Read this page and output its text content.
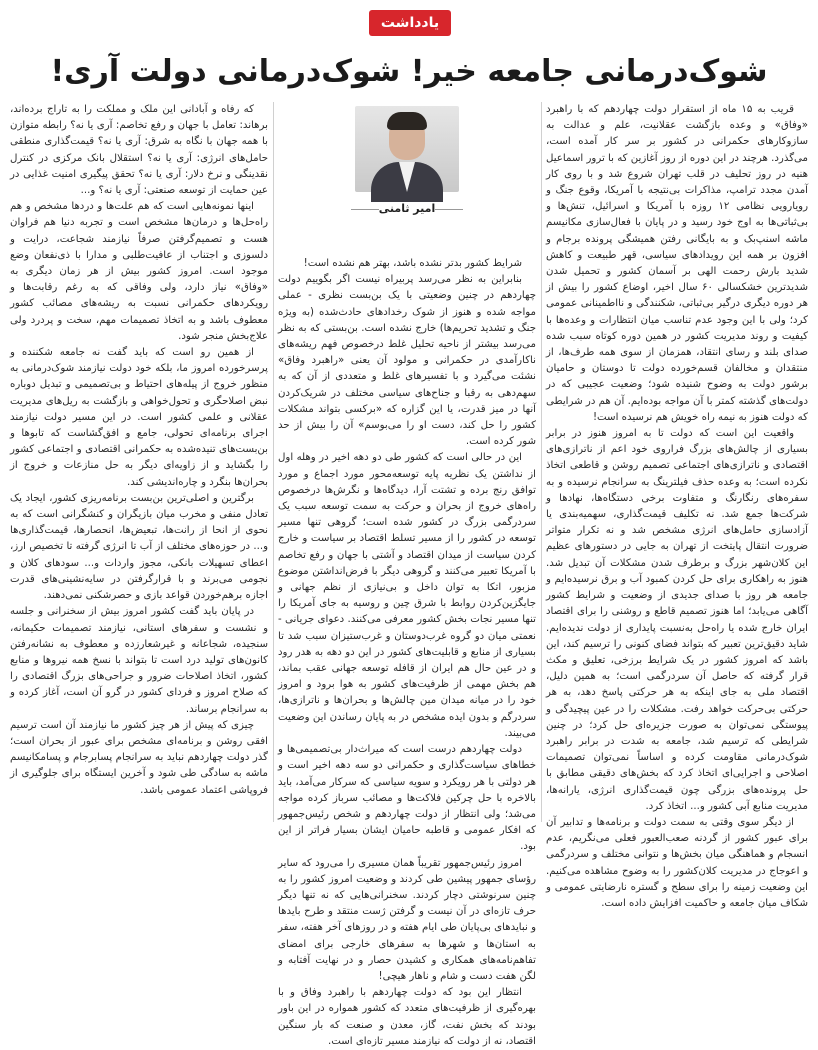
یادداشت
شوک‌درمانی جامعه خیر! شوک‌درمانی دولت آری!

قریب به ۱۵ ماه از استقرار دولت چهاردهم که با راهبرد «وفاق» و وعده بازگشت عقلانیت، علم و عدالت به سازوکارهای حکمرانی در کشور بر سر کار آمده است، می‌گذرد. هرچند در این دوره از روز آغازین که با ترور اسماعیل هنیه در روز تحلیف در قلب تهران شروع شد و با روی کار آمدن مجدد ترامپ، مذاکرات بی‌نتیجه با آمریکا، وقوع جنگ و رویارویی نظامی ۱۲ روزه با آمریکا و اسرائیل، تنش‌ها و بی‌ثباتی‌ها به اوج خود رسید و در پایان با فعال‌سازی مکانیسم ماشه اسنپ‌بک و به بایگانی رفتن همیشگی پرونده برجام و افزون بر همه این رویدادهای سیاسی، قهر طبیعت و کاهش شدید بارش رحمت الهی بر آسمان کشور و تحمیل شدن شدیدترین خشکسالی ۶۰ سال اخیر، اوضاع کشور را بیش از هر دوره دیگری درگیر بی‌ثباتی، شکنندگی و نااطمینانی عمومی کرد؛ ولی با این وجود عدم تناسب میان انتظارات و وعده‌ها با کیفیت و روند مدیریت کشور در همین دوره کوتاه سبب شده صدای بلند و رسای انتقاد، همزمان از سوی همه طرف‌ها، از منتقدان و مخالفان قسم‌خورده دولت تا دوستان و حامیان برشور دولت به وضوح شنیده شود؛ وضعیت عجیبی که در دولت‌های گذشته کمتر با آن مواجه بوده‌ایم. آن هم در شرایطی که دولت هنوز به نیمه راه خویش هم نرسیده است!

واقعیت این است که دولت تا به امروز هنوز در برابر بسیاری از چالش‌های بزرگ فراروی خود اعم از ناترازی‌های اقتصادی و ناترازی‌های اجتماعی تصمیم روشن و قاطعی اتخاذ نکرده است؛ به وعده حذف فیلترینگ به سرانجام نرسیده و به سفره‌های رنگارنگ و متفاوت برخی دستگاه‌ها، نهادها و شرکت‌ها جمع شد. نه تکلیف قیمت‌گذاری، سهمیه‌بندی یا آزادسازی حامل‌های انرژی مشخص شد و نه تکرار متواتر ضرورت انتقال پایتخت از تهران به جایی در دستورهای عظیم این کلان‌شهر بزرگ و برطرف شدن مشکلات آن تبدیل شد. هنوز به راهکاری برای حل کردن کمبود آب و برق نرسیده‌ایم و جامعه هر روز با صدای جدیدی از وضعیت و شرایط کشور آگاهی می‌یابد؛ اما هنوز تصمیم قاطع و روشنی را برای اقتصاد ایران خارج شده یا راه‌حل به‌نسبت پایداری از دولت ندیده‌ایم. شاید دقیق‌ترین تعبیر که بتواند فضای کنونی را ترسیم کند، این باشد که امروز کشور در یک شرایط برزخی، تعلیق و مکث قرار گرفته که حاصل آن سردرگمی است؛ به همین دلیل، اقتصاد ملی به جای اینکه به هر حرکتی پاسخ دهد، به هر حرکتی بی‌حرکت خواهد رفت. مشکلات را در عین پیچیدگی و پیوستگی نمی‌توان به صورت جزیره‌ای حل کرد؛ در چنین شرایطی که ترسیم شد، جامعه به شدت در برابر راهبرد شوک‌درمانی مقاومت کرده و اساساً نمی‌توان تصمیمات اصلاحی و اجرایی‌ای اتخاذ کرد که بخش‌های دقیقی مطابق با حل پرونده‌های بزرگی چون قیمت‌گذاری انرژی، یارانه‌ها، مدیریت منابع آبی کشور و... اتخاذ کرد.

از دیگر سوی وقتی به سمت دولت و برنامه‌ها و تدابیر آن برای عبور کشور از گردنه صعب‌العبور فعلی می‌نگریم، عدم انسجام و هماهنگی میان بخش‌ها و نتوانی مختلف و سردرگمی و اعوجاج در مدیریت کلان‌کشور را به وضوح مشاهده می‌کنیم. این وضعیت زمینه را برای سطح و گستره نارضایتی عمومی و شکاف میان جامعه و حاکمیت افزایش داده است.

امیر ثامنی

شرایط کشور بدتر نشده باشد، بهتر هم نشده است!

بنابراین به نظر می‌رسد پربیراه نیست اگر بگوییم دولت چهاردهم در چنین وضعیتی با یک بن‌بست نظری - عملی مواجه شده و هنوز از شوک رخدادهای حادث‌شده (به ویژه جنگ و تشدید تحریم‌ها) خارج نشده است. بن‌بستی که به نظر می‌رسد بیشتر از ناحیه تحلیل غلط درخصوص فهم ریشه‌های ناکارآمدی در حکمرانی و مولود آن یعنی «راهبرد وفاق» نشئت می‌گیرد و با تفسیرهای غلط و متعددی از آن که به سهم‌دهی به رقبا و جناح‌های سیاسی مختلف در شریک‌کردن آنها در میز قدرت، یا این گزاره که «برکسی بتواند مشکلات کشور را حل کند، دست او را می‌بوسم» آن را بیش از حد شور کرده است.

این در حالی است که کشور طی دو دهه اخیر در وهله اول از نداشتن یک نظریه پایه توسعه‌محور مورد اجماع و مورد توافق رنج برده و تشتت آرا، دیدگاه‌ها و نگرش‌ها درخصوص راه‌های خروج از بحران و حرکت به سمت توسعه سبب یک سردرگمی بزرگ در کشور شده است؛ گروهی تنها مسیر توسعه در کشور را از مسیر تسلط اقتصاد بر سیاست و خارج کردن سیاست از میدان اقتصاد و آشتی با جهان و رفع تخاصم با آمریکا تعبیر می‌کنند و گروهی دیگر با فرض‌انداشتن موضوع مزبور، اتکا به توان داخل و بی‌نیازی از نظم جهانی و جایگزین‌کردن روابط با شرق چین و روسیه به جای آمریکا را تنها مسیر نجات بخش کشور معرفی می‌کنند. دعوای جریانی - نعمتی میان دو گروه غرب‌دوستان و غرب‌ستیزان سبب شد تا بسیاری از منابع و قابلیت‌های کشور در این دو دهه به هدر رود و در عین حال هم ایران از قافله توسعه جهانی عقب بماند، هم بخش مهمی از ظرفیت‌های کشور به هوا برود و امروز خود را در میانه میدان مین چالش‌ها و بحران‌ها و ناترازی‌ها، سردرگم و بدون ایده مشخص در به پایان رساندن این وضعیت می‌بیند.

دولت چهاردهم درست است که میراث‌دار بی‌تصمیمی‌ها و خطاهای سیاست‌گذاری و حکمرانی دو سه دهه اخیر است و هر دولتی با هر رویکرد و سویه سیاسی که سرکار می‌آمد، باید بالاخره با حل چرکین فلاکت‌ها و مصائب سرباز کرده مواجه می‌شد؛ ولی انتظار از دولت چهاردهم و شخص رئیس‌جمهور که افکار عمومی و قاطبه حامیان ایشان بسیار فراتر از این بود.

امروز رئیس‌جمهور تقریباً همان مسیری را می‌رود که سایر رؤسای جمهور پیشین طی کردند و وضعیت امروز کشور را به چنین سرنوشتی دچار کردند. سخنرانی‌هایی که نه تنها دیگر حرف تازه‌ای در آن نیست و گرفتن ژست منتقد و طرح بایدها و نبایدهای بی‌پایان طی ایام هفته و در روزهای آخر هفته، سفر به استان‌ها و شهرها به سفرهای خارجی برای امضای تفاهم‌نامه‌های همکاری و کشیدن حصار و در نهایت آفتابه و لگن هفت دست و شام و ناهار هیچی!

انتظار این بود که دولت چهاردهم با راهبرد وفاق و با بهره‌گیری از ظرفیت‌های متعدد که کشور همواره در این باور بودند که بخش نفت، گاز، معدن و صنعت که بار سنگین اقتصاد، نه از دولت که نیازمند مسیر تازه‌ای است.

که رفاه و آبادانی این ملک و مملکت را به تاراج برده‌اند، برهاند: تعامل با جهان و رفع تخاصم: آری یا نه؟ رابطه متوازن با همه جهان با نگاه به شرق: آری یا نه؟ قیمت‌گذاری منطقی حامل‌های انرژی: آری یا نه؟ استقلال بانک مرکزی در کنترل نقدینگی و نرخ دلار: آری یا نه؟ تحقق پیگیری امنیت غذایی در عین حمایت از توسعه صنعتی: آری یا نه؟ و...

اینها نمونه‌هایی است که هم علت‌ها و دردها مشخص و هم راه‌حل‌ها و درمان‌ها مشخص است و تجربه دنیا هم فراوان هست و تصمیم‌گرفتن صرفاً نیازمند شجاعت، درایت و دلسوزی و اجتناب از عافیت‌طلبی و مدارا با ذی‌نفعان وضع موجود است. امروز کشور بیش از هر زمان دیگری به «وفاق» نیاز دارد، ولی وفاقی که به رغم رقابت‌ها و رویکردهای حکمرانی نسبت به ریشه‌های مصائب کشور معطوف باشد و به اتخاذ تصمیمات مهم، سخت و پردرد ولی علاج‌بخش منجر شود.

از همین رو است که باید گفت نه جامعه شکننده و پرسرخورده امروز ما، بلکه خود دولت نیازمند شوک‌درمانی به منظور خروج از پیله‌های احتیاط و بی‌تصمیمی و تبدیل دوباره نبض اصلاحگری و تحول‌خواهی و بازگشت به ریل‌های مدیریت عقلانی و علمی کشور است. در این مسیر دولت نیازمند اجرای برنامه‌ای تحولی، جامع و افق‌گشاست که تابوها و بن‌بست‌های تنیده‌شده به حکمرانی اقتصادی و اجتماعی کشور را بگشاید و از زاویه‌ای دیگر به حل منازعات و خروج از بحران‌ها بنگرد و چاره‌اندیشی کند.

برگترین و اصلی‌ترین بن‌بست برنامه‌ریزی کشور، ایجاد یک تعادل منفی و مخرب میان بازیگران و کنشگرانی است که به نحوی از انحا از رانت‌ها، تبعیض‌ها، انحصارها، قیمت‌گذاری‌ها و... در حوزه‌های مختلف از آب تا انرژی گرفته تا تخصیص ارز، اعطای تسهیلات بانکی، مجوز واردات و... سودهای کلان و نجومی می‌برند و با قرارگرفتن در سایه‌نشینی‌های قدرت اجازه برهم‌خوردن قواعد بازی و حصرشکنی نمی‌دهند.

در پایان باید گفت کشور امروز بیش از سخنرانی و جلسه و نشست و سفرهای استانی، نیازمند تصمیمات حکیمانه، سنجیده، شجاعانه و غیرشعارزده و معطوف به نشانه‌رفتن کانون‌های تولید درد است تا بتواند با نسخ همه نیروها و منابع کشور، اتخاذ اصلاحات ضرور و جراحی‌های بزرگ اقتصادی را که صلاح امروز و فردای کشور در گرو آن است، آغاز کرده و به سرانجام برساند.

چیزی که پیش از هر چیز کشور ما نیازمند آن است ترسیم افقی روشن و برنامه‌ای مشخص برای عبور از بحران است؛ گذر دولت چهاردهم نباید به سرانجام پسابرجام و پسامکانیسم ماشه به سادگی طی شود و آخرین ایستگاه برای جلوگیری از فروپاشی اعتماد عمومی باشد.
